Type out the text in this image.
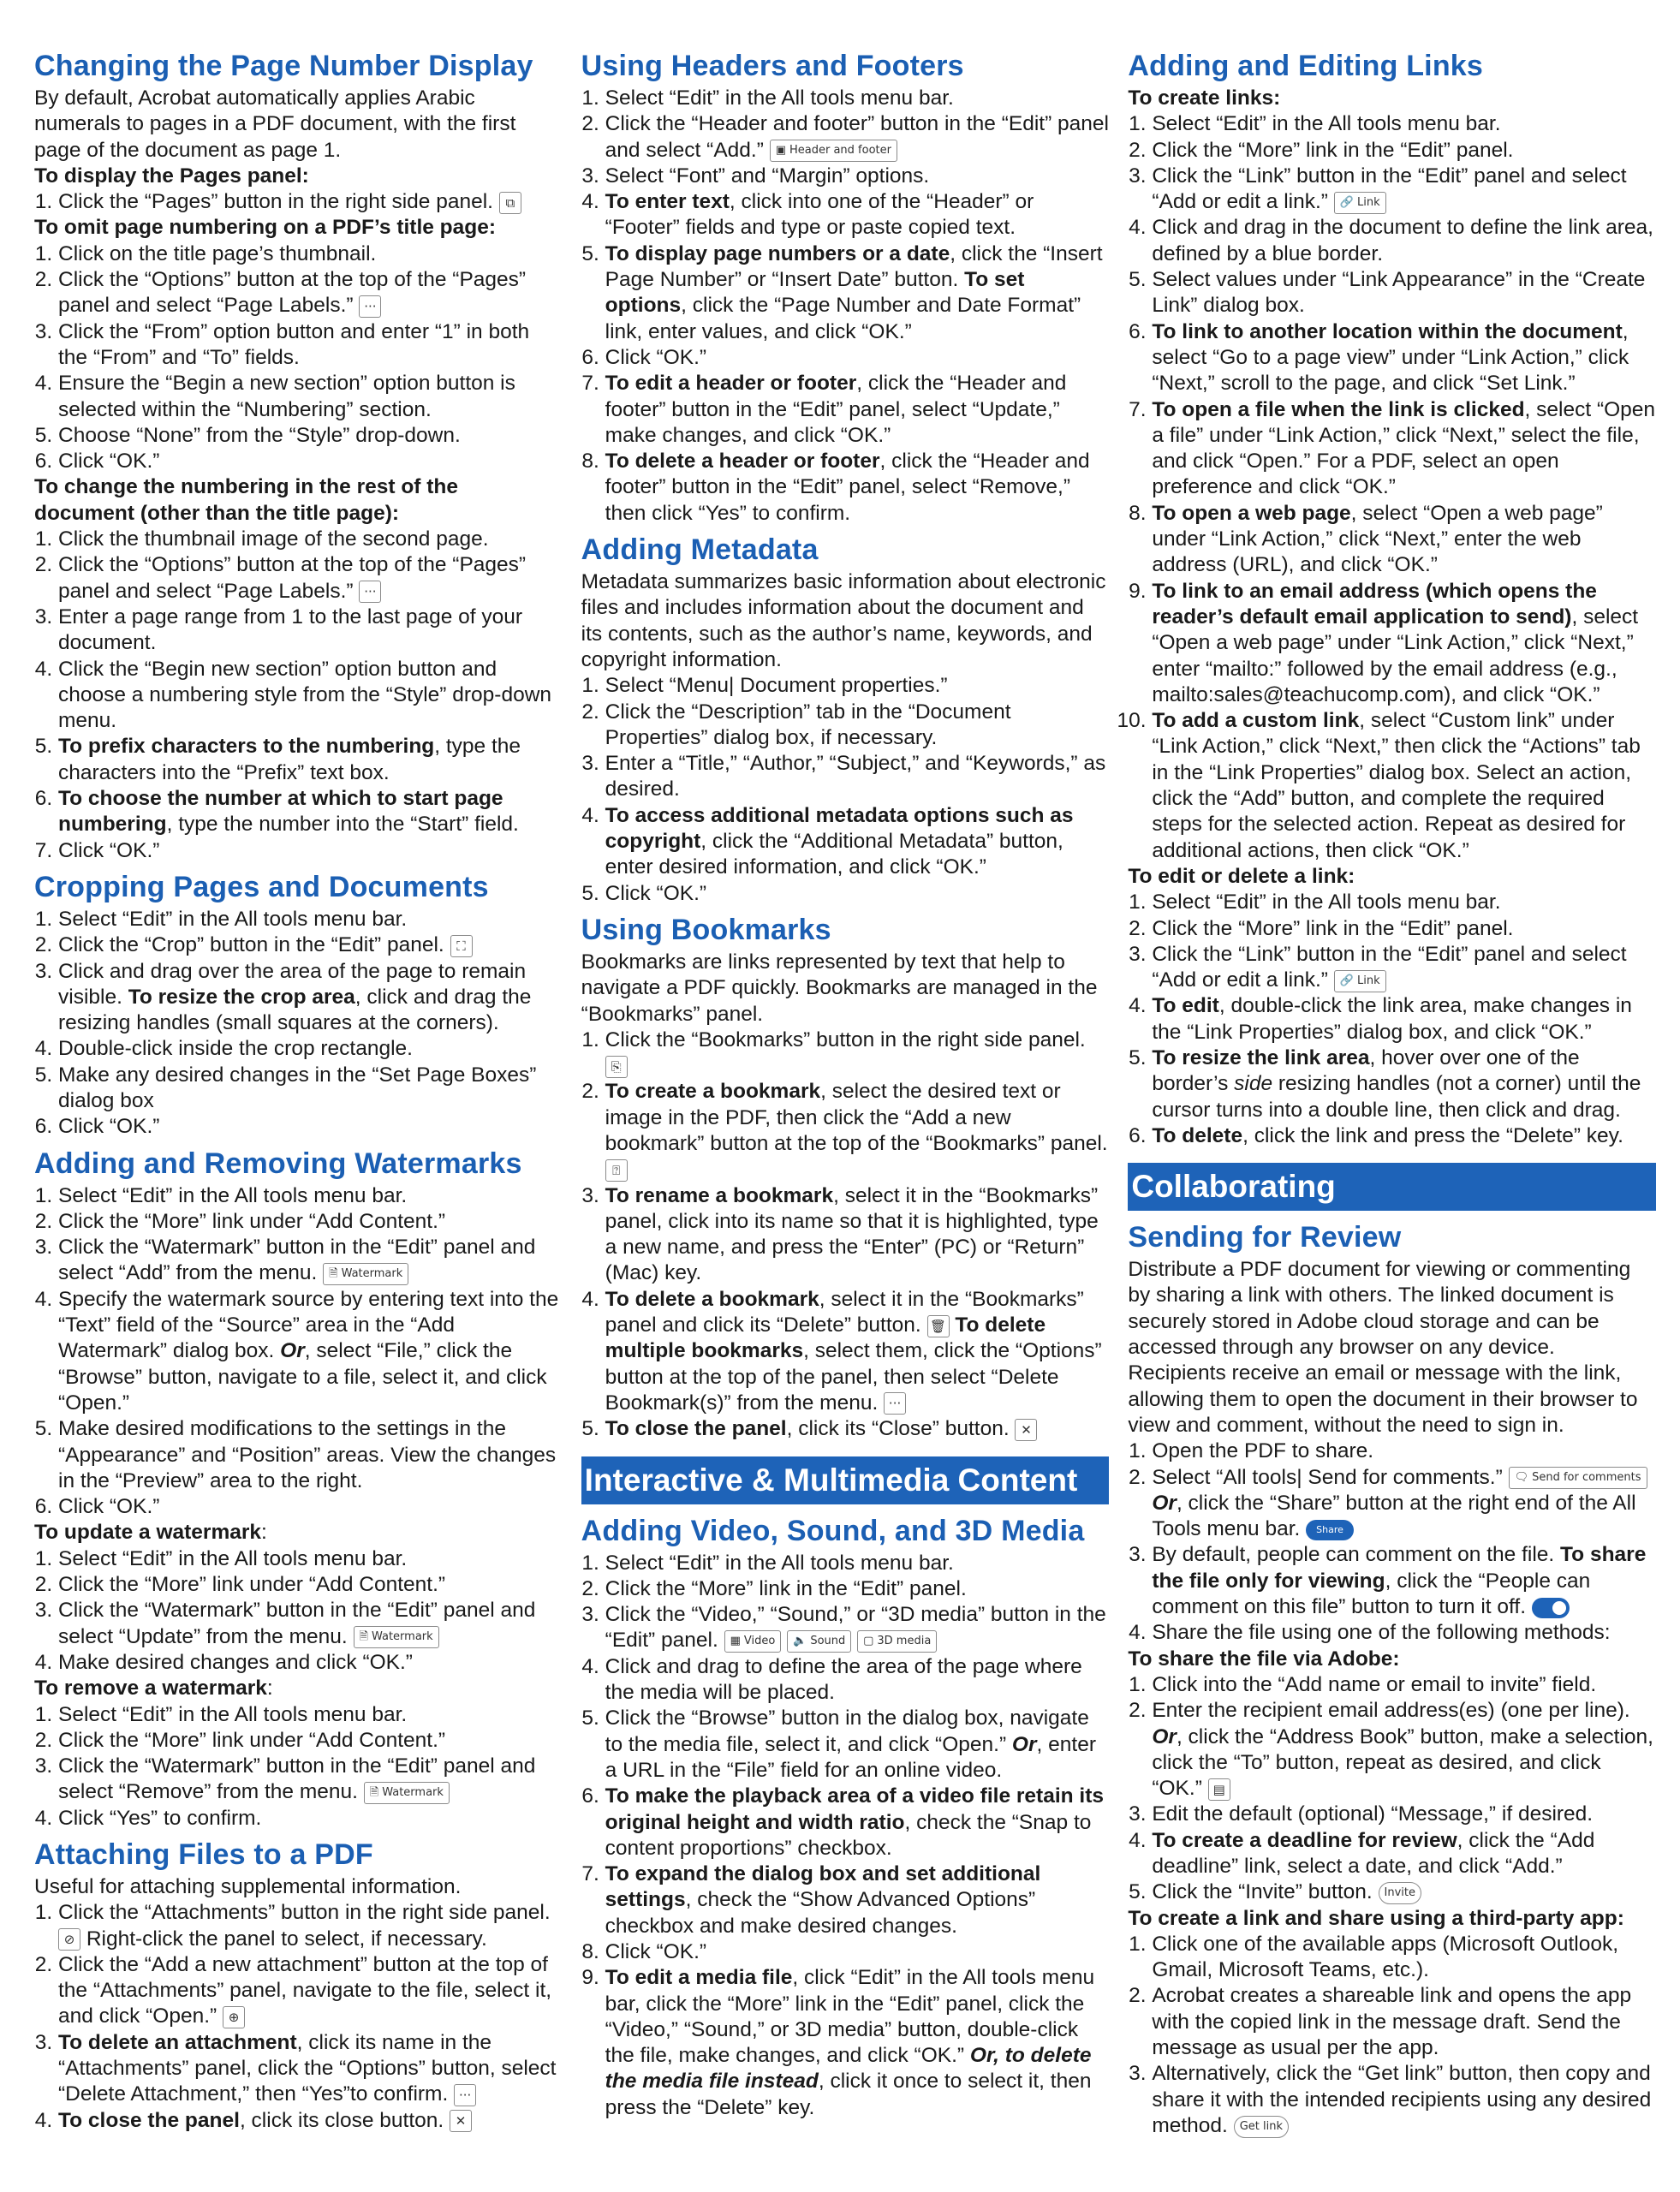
Changing the Page Number Display

By default, Acrobat automatically applies Arabic numerals to pages in a PDF document, with the first page of the document as page 1.

To display the Pages panel:

1. Click the “Pages” button in the right side panel. ⧉

To omit page numbering on a PDF’s title page:

1. Click on the title page’s thumbnail.
2. Click the “Options” button at the top of the “Pages” panel and select “Page Labels.” ···
3. Click the “From” option button and enter “1” in both the “From” and “To” fields.
4. Ensure the “Begin a new section” option button is selected within the “Numbering” section.
5. Choose “None” from the “Style” drop-down.
6. Click “OK.”

To change the numbering in the rest of the document (other than the title page):

1. Click the thumbnail image of the second page.
2. Click the “Options” button at the top of the “Pages” panel and select “Page Labels.” ···
3. Enter a page range from 1 to the last page of your document.
4. Click the “Begin new section” option button and choose a numbering style from the “Style” drop-down menu.
5. To prefix characters to the numbering, type the characters into the “Prefix” text box.
6. To choose the number at which to start page numbering, type the number into the “Start” field.
7. Click “OK.”
Cropping Pages and Documents
1. Select “Edit” in the All tools menu bar.
2. Click the “Crop” button in the “Edit” panel. ⛶
3. Click and drag over the area of the page to remain visible. To resize the crop area, click and drag the resizing handles (small squares at the corners).
4. Double-click inside the crop rectangle.
5. Make any desired changes in the “Set Page Boxes” dialog box
6. Click “OK.”
Adding and Removing Watermarks
1. Select “Edit” in the All tools menu bar.
2. Click the “More” link under “Add Content.”
3. Click the “Watermark” button in the “Edit” panel and select “Add” from the menu. 🗎 Watermark
4. Specify the watermark source by entering text into the “Text” field of the “Source” area in the “Add Watermark” dialog box. Or, select “File,” click the “Browse” button, navigate to a file, select it, and click “Open.”
5. Make desired modifications to the settings in the “Appearance” and “Position” areas. View the changes in the “Preview” area to the right.
6. Click “OK.”

To update a watermark:

1. Select “Edit” in the All tools menu bar.
2. Click the “More” link under “Add Content.”
3. Click the “Watermark” button in the “Edit” panel and select “Update” from the menu. 🗎 Watermark
4. Make desired changes and click “OK.”

To remove a watermark:

1. Select “Edit” in the All tools menu bar.
2. Click the “More” link under “Add Content.”
3. Click the “Watermark” button in the “Edit” panel and select “Remove” from the menu. 🗎 Watermark
4. Click “Yes” to confirm.
Attaching Files to a PDF

Useful for attaching supplemental information.

1. Click the “Attachments” button in the right side panel. ⊘ Right-click the panel to select, if necessary.
2. Click the “Add a new attachment” button at the top of the “Attachments” panel, navigate to the file, select it, and click “Open.” ⊕
3. To delete an attachment, click its name in the “Attachments” panel, click the “Options” button, select “Delete Attachment,” then “Yes”to confirm. ···
4. To close the panel, click its close button. ✕
Using Headers and Footers
1. Select “Edit” in the All tools menu bar.
2. Click the “Header and footer” button in the “Edit” panel and select “Add.” ▣ Header and footer
3. Select “Font” and “Margin” options.
4. To enter text, click into one of the “Header” or “Footer” fields and type or paste copied text.
5. To display page numbers or a date, click the “Insert Page Number” or “Insert Date” button. To set options, click the “Page Number and Date Format” link, enter values, and click “OK.”
6. Click “OK.”
7. To edit a header or footer, click the “Header and footer” button in the “Edit” panel, select “Update,” make changes, and click “OK.”
8. To delete a header or footer, click the “Header and footer” button in the “Edit” panel, select “Remove,” then click “Yes” to confirm.
Adding Metadata

Metadata summarizes basic information about electronic files and includes information about the document and its contents, such as the author’s name, keywords, and copyright information.

1. Select “Menu| Document properties.”
2. Click the “Description” tab in the “Document Properties” dialog box, if necessary.
3. Enter a “Title,” “Author,” “Subject,” and “Keywords,” as desired.
4. To access additional metadata options such as copyright, click the “Additional Metadata” button, enter desired information, and click “OK.”
5. Click “OK.”
Using Bookmarks

Bookmarks are links represented by text that help to navigate a PDF quickly. Bookmarks are managed in the “Bookmarks” panel.

1. Click the “Bookmarks” button in the right side panel. ⎘
2. To create a bookmark, select the desired text or image in the PDF, then click the “Add a new bookmark” button at the top of the “Bookmarks” panel. ⍰
3. To rename a bookmark, select it in the “Bookmarks” panel, click into its name so that it is highlighted, type a new name, and press the “Enter” (PC) or “Return” (Mac) key.
4. To delete a bookmark, select it in the “Bookmarks” panel and click its “Delete” button. 🗑 To delete multiple bookmarks, select them, click the “Options” button at the top of the panel, then select “Delete Bookmark(s)” from the menu. ···
5. To close the panel, click its “Close” button. ✕
Interactive & Multimedia Content
Adding Video, Sound, and 3D Media
1. Select “Edit” in the All tools menu bar.
2. Click the “More” link in the “Edit” panel.
3. Click the “Video,” “Sound,” or “3D media” button in the “Edit” panel. ▦ Video
🔈 Sound
▢ 3D media
4. Click and drag to define the area of the page where the media will be placed.
5. Click the “Browse” button in the dialog box, navigate to the media file, select it, and click “Open.” Or, enter a URL in the “File” field for an online video.
6. To make the playback area of a video file retain its original height and width ratio, check the “Snap to content proportions” checkbox.
7. To expand the dialog box and set additional settings, check the “Show Advanced Options” checkbox and make desired changes.
8. Click “OK.”
9. To edit a media file, click “Edit” in the All tools menu bar, click the “More” link in the “Edit” panel, click the “Video,” “Sound,” or 3D media” button, double-click the file, make changes, and click “OK.” Or, to delete the media file instead, click it once to select it, then press the “Delete” key.
Adding and Editing Links

To create links:

1. Select “Edit” in the All tools menu bar.
2. Click the “More” link in the “Edit” panel.
3. Click the “Link” button in the “Edit” panel and select “Add or edit a link.” 🔗 Link
4. Click and drag in the document to define the link area, defined by a blue border.
5. Select values under “Link Appearance” in the “Create Link” dialog box.
6. To link to another location within the document, select “Go to a page view” under “Link Action,” click “Next,” scroll to the page, and click “Set Link.”
7. To open a file when the link is clicked, select “Open a file” under “Link Action,” click “Next,” select the file, and click “Open.” For a PDF, select an open preference and click “OK.”
8. To open a web page, select “Open a web page” under “Link Action,” click “Next,” enter the web address (URL), and click “OK.”
9. To link to an email address (which opens the reader’s default email application to send), select “Open a web page” under “Link Action,” click “Next,” enter “mailto:” followed by the email address (e.g., mailto:sales@teachucomp.com), and click “OK.”
10. To add a custom link, select “Custom link” under “Link Action,” click “Next,” then click the “Actions” tab in the “Link Properties” dialog box. Select an action, click the “Add” button, and complete the required steps for the selected action. Repeat as desired for additional actions, then click “OK.”

To edit or delete a link:

1. Select “Edit” in the All tools menu bar.
2. Click the “More” link in the “Edit” panel.
3. Click the “Link” button in the “Edit” panel and select “Add or edit a link.” 🔗 Link
4. To edit, double-click the link area, make changes in the “Link Properties” dialog box, and click “OK.”
5. To resize the link area, hover over one of the border’s side resizing handles (not a corner) until the cursor turns into a double line, then click and drag.
6. To delete, click the link and press the “Delete” key.
Collaborating
Sending for Review

Distribute a PDF document for viewing or commenting by sharing a link with others. The linked document is securely stored in Adobe cloud storage and can be accessed through any browser on any device. Recipients receive an email or message with the link, allowing them to open the document in their browser to view and comment, without the need to sign in.

1. Open the PDF to share.
2. Select “All tools| Send for comments.” 🗨 Send for comments
Or, click the “Share” button at the right end of the All Tools menu bar. Share
3. By default, people can comment on the file. To share the file only for viewing, click the “People can comment on this file” button to turn it off.
4. Share the file using one of the following methods:

To share the file via Adobe:

1. Click into the “Add name or email to invite” field.
2. Enter the recipient email address(es) (one per line). Or, click the “Address Book” button, make a selection, click the “To” button, repeat as desired, and click “OK.” ▤
3. Edit the default (optional) “Message,” if desired.
4. To create a deadline for review, click the “Add deadline” link, select a date, and click “Add.”
5. Click the “Invite” button. Invite

To create a link and share using a third-party app:

1. Click one of the available apps (Microsoft Outlook, Gmail, Microsoft Teams, etc.).
2. Acrobat creates a shareable link and opens the app with the copied link in the message draft. Send the message as usual per the app.
3. Alternatively, click the “Get link” button, then copy and share it with the intended recipients using any desired method. Get link
